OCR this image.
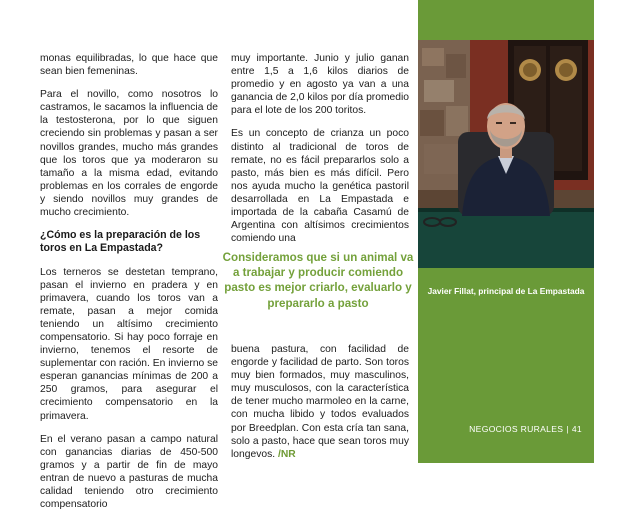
monas equilibradas, lo que hace que sean bien femeninas.

Para el novillo, como nosotros lo castramos, le sacamos la influencia de la testosterona, por lo que siguen creciendo sin problemas y pasan a ser novillos grandes, mucho más grandes que los toros que ya moderaron su tamaño a la misma edad, evitando problemas en los corrales de engorde y siendo novillos muy grandes de mucho crecimiento.

¿Cómo es la preparación de los toros en La Empastada?

Los terneros se destetan temprano, pasan el invierno en pradera y en primavera, cuando los toros van a remate, pasan a mejor comida teniendo un altísimo crecimiento compensatorio. Si hay poco forraje en invierno, tenemos el resorte de suplementar con ración. En invierno se esperan ganancias mínimas de 200 a 250 gramos, para asegurar el crecimiento compensatorio en la primavera.

En el verano pasan a campo natural con ganancias diarias de 450-500 gramos y a partir de fin de mayo entran de nuevo a pasturas de mucha calidad teniendo otro crecimiento compensatorio

muy importante. Junio y julio ganan entre 1,5 a 1,6 kilos diarios de promedio y en agosto ya van a una ganancia de 2,0 kilos por día promedio para el lote de los 200 toritos.

Es un concepto de crianza un poco distinto al tradicional de toros de remate, no es fácil prepararlos solo a pasto, más bien es más difícil. Pero nos ayuda mucho la genética pastoril desarrollada en La Empastada e importada de la cabaña Casamú de Argentina con altísimos crecimientos comiendo una

Consideramos que si un animal va a trabajar y producir comiendo pasto es mejor criarlo, evaluarlo y prepararlo a pasto

buena pastura, con facilidad de engorde y facilidad de parto. Son toros muy bien formados, muy masculinos, muy musculosos, con la característica de tener mucho marmoleo en la carne, con mucha libido y todos evaluados por Breedplan. Con esta cría tan sana, solo a pasto, hace que sean toros muy longevos. /NR

Javier Fillat, principal de La Empastada
NEGOCIOS RURALES | 41
